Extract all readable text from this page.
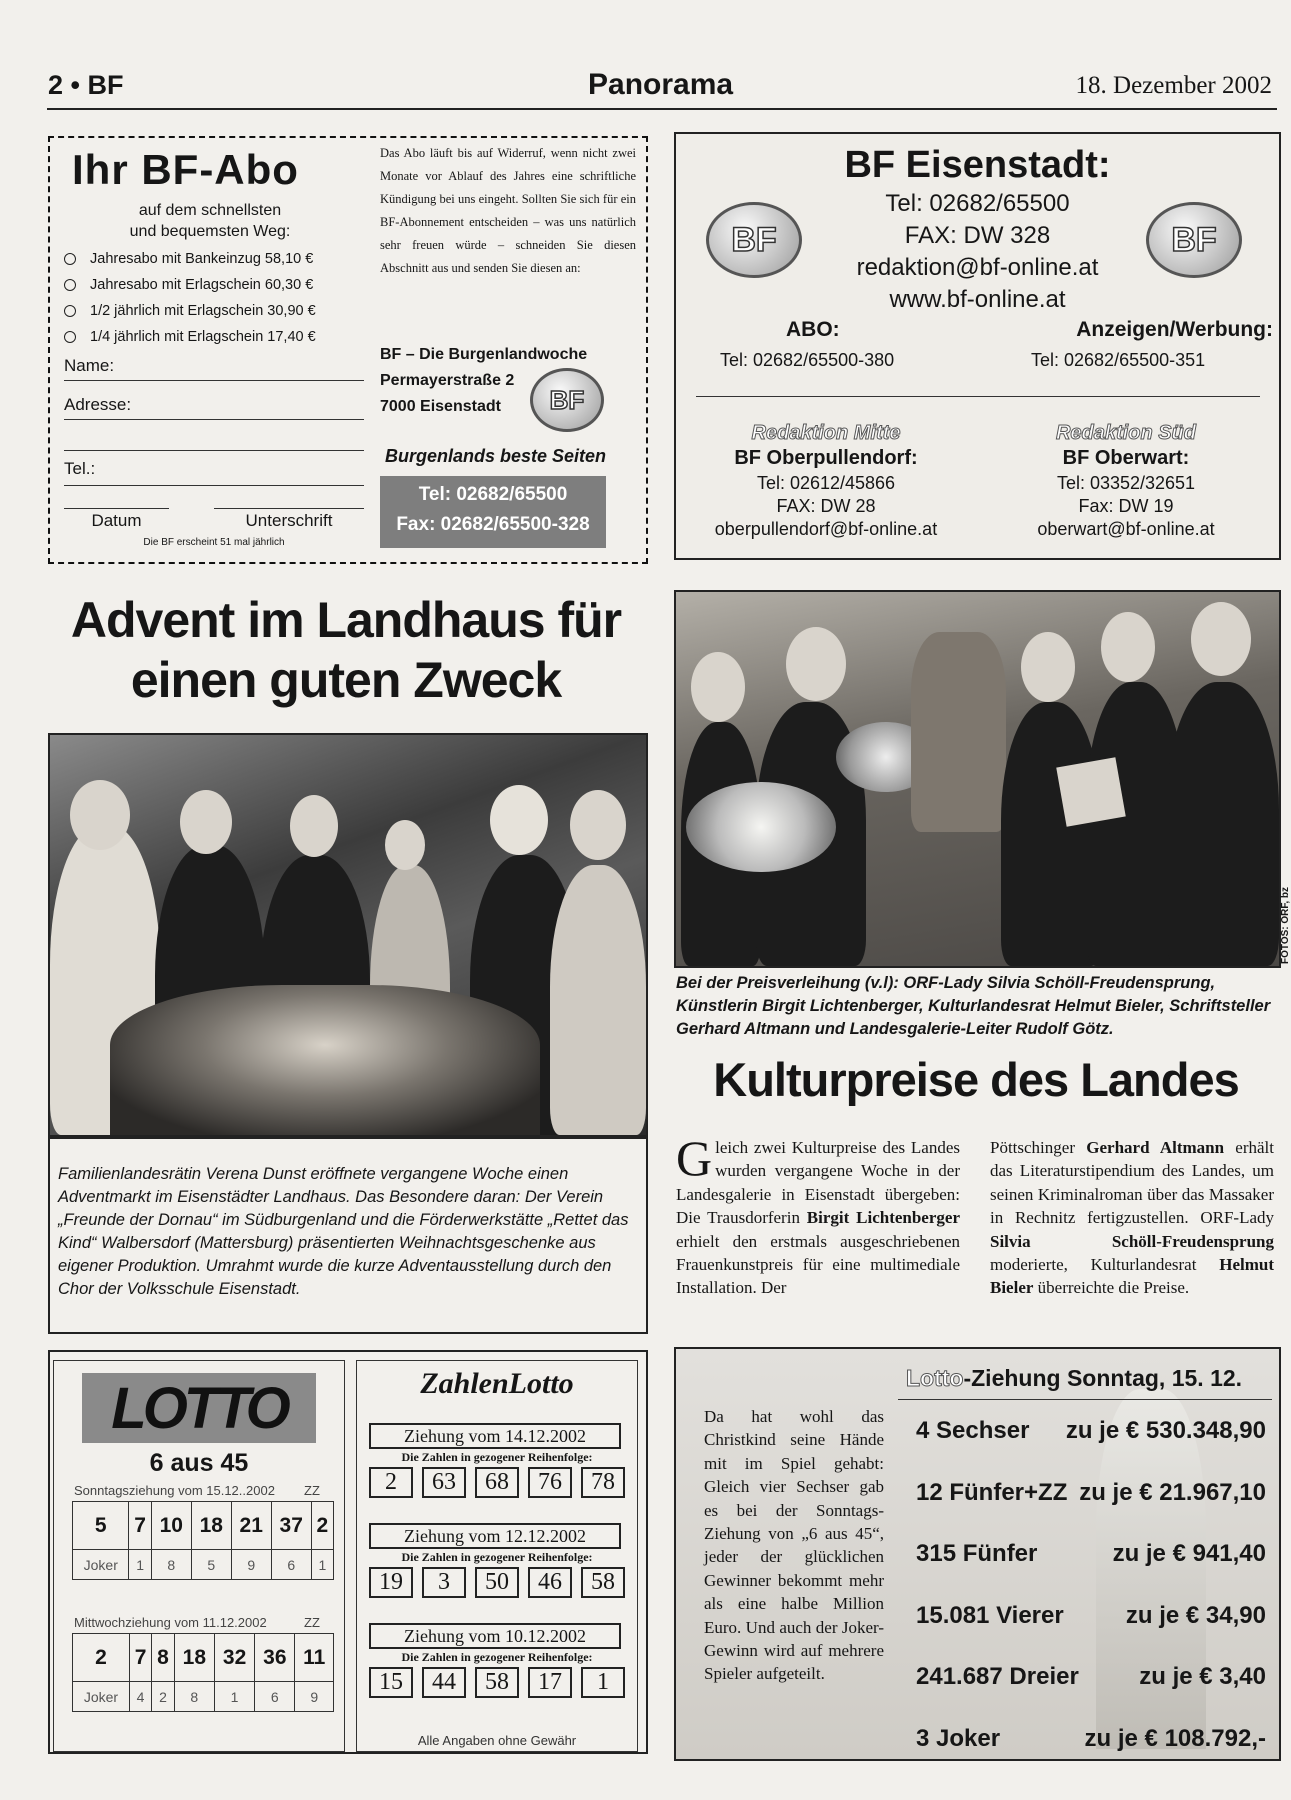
2 • BF	Panorama	18. Dezember 2002
Ihr BF-Abo
auf dem schnellsten
und bequemsten Weg:
Jahresabo mit Bankeinzug 58,10 €
Jahresabo mit Erlagschein 60,30 €
1/2 jährlich mit Erlagschein 30,90 €
1/4 jährlich mit Erlagschein 17,40 €
Name:
Adresse:
Tel.:
Datum	Unterschrift
Die BF erscheint 51 mal jährlich
Das Abo läuft bis auf Widerruf, wenn nicht zwei Monate vor Ablauf des Jahres eine schriftliche Kündigung bei uns eingeht. Sollten Sie sich für ein BF-Abonnement entscheiden – was uns natürlich sehr freuen würde – schneiden Sie diesen Abschnitt aus und senden Sie diesen an:
BF – Die Burgenlandwoche
Permayerstraße 2
7000 Eisenstadt	BF
Burgenlands beste Seiten
Tel: 02682/65500
Fax: 02682/65500-328
BF Eisenstadt:
BF	BF
Tel: 02682/65500
FAX: DW 328
redaktion@bf-online.at
www.bf-online.at
ABO:
Tel: 02682/65500-380
Anzeigen/Werbung:
Tel: 02682/65500-351
Redaktion Mitte
BF Oberpullendorf:
Tel: 02612/45866
FAX: DW 28
oberpullendorf@bf-online.at
Redaktion Süd
BF Oberwart:
Tel: 03352/32651
Fax: DW 19
oberwart@bf-online.at
Advent im Landhaus für
einen guten Zweck
Familienlandesrätin Verena Dunst eröffnete vergangene Woche einen Adventmarkt im Eisenstädter Landhaus. Das Besondere daran: Der Verein „Freunde der Dornau“ im Südburgenland und die Förderwerkstätte „Rettet das Kind“ Walbersdorf (Mattersburg) präsentierten Weihnachtsgeschenke aus eigener Produktion. Umrahmt wurde die kurze Adventausstellung durch den Chor der Volksschule Eisenstadt.
FOTOS: ORF, bz
Bei der Preisverleihung (v.l): ORF-Lady Silvia Schöll-Freudensprung, Künstlerin Birgit Lichtenberger, Kulturlandesrat Helmut Bieler, Schriftsteller Gerhard Altmann und Landesgalerie-Leiter Rudolf Götz.
Kulturpreise des Landes
Gleich zwei Kulturpreise des Landes wurden vergangene Woche in der Landesgalerie in Eisenstadt übergeben: Die Trausdorferin Birgit Lichtenberger erhielt den erstmals ausgeschriebenen Frauenkunstpreis für eine multimediale Installation. Der
Pöttschinger Gerhard Altmann erhält das Literaturstipendium des Landes, um seinen Kriminalroman über das Massaker in Rechnitz fertigzustellen. ORF-Lady Silvia Schöll-Freudensprung moderierte, Kulturlandesrat Helmut Bieler überreichte die Preise.
LOTTO
6 aus 45
Sonntagsziehung vom 15.12..2002 ZZ
5	7	10	18	21	37	2
Joker	1	8	5	9	6	1
Mittwochziehung vom 11.12.2002	ZZ
2	7	8	18	32	36	11
Joker	4	2	8	1	6	9
ZahlenLotto
Ziehung vom 14.12.2002
Die Zahlen in gezogener Reihenfolge:
2	63	68	76	78
Ziehung vom 12.12.2002
Die Zahlen in gezogener Reihenfolge:
19	3	50	46	58
Ziehung vom 10.12.2002
Die Zahlen in gezogener Reihenfolge:
15	44	58	17	1
Alle Angaben ohne Gewähr
Lotto-Ziehung Sonntag, 15. 12.
Da hat wohl das Christkind seine Hände mit im Spiel gehabt: Gleich vier Sechser gab es bei der Sonntags-Ziehung von „6 aus 45“, jeder der glücklichen Gewinner bekommt mehr als eine halbe Million Euro. Und auch der Joker-Gewinn wird auf mehrere Spieler aufgeteilt.
4 Sechser zu je € 530.348,90
12 Fünfer+ZZ zu je € 21.967,10
315 Fünfer	zu je € 941,40
15.081 Vierer	zu je € 34,90
241.687 Dreier	zu je € 3,40
3 Joker	zu je € 108.792,-
